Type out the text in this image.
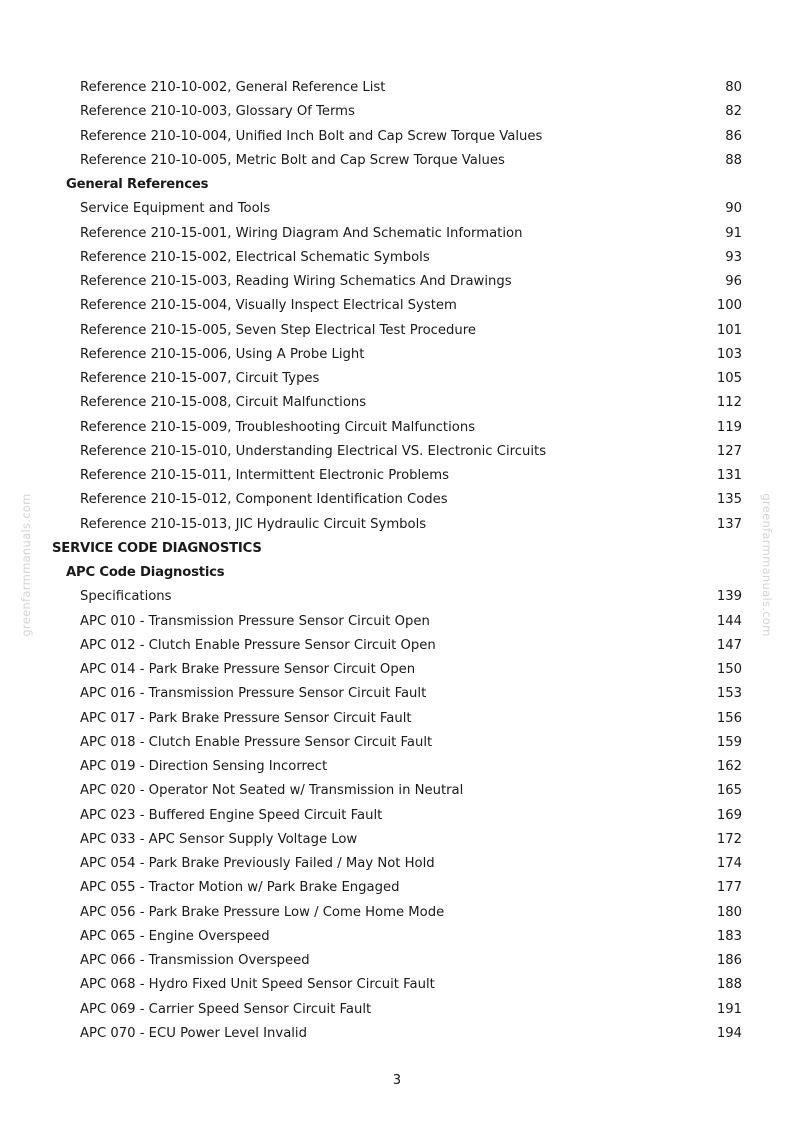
Reference 210-10-002, General Reference List	80
Reference 210-10-003, Glossary Of Terms	82
Reference 210-10-004, Unified Inch Bolt and Cap Screw Torque Values	86
Reference 210-10-005, Metric Bolt and Cap Screw Torque Values	88
General References
Service Equipment and Tools	90
Reference 210-15-001, Wiring Diagram And Schematic Information	91
Reference 210-15-002, Electrical Schematic Symbols	93
Reference 210-15-003, Reading Wiring Schematics And Drawings	96
Reference 210-15-004, Visually Inspect Electrical System	100
Reference 210-15-005, Seven Step Electrical Test Procedure	101
Reference 210-15-006, Using A Probe Light	103
Reference 210-15-007, Circuit Types	105
Reference 210-15-008, Circuit Malfunctions	112
Reference 210-15-009, Troubleshooting Circuit Malfunctions	119
Reference 210-15-010, Understanding Electrical VS. Electronic Circuits	127
Reference 210-15-011, Intermittent Electronic Problems	131
Reference 210-15-012, Component Identification Codes	135
Reference 210-15-013, JIC Hydraulic Circuit Symbols	137
SERVICE CODE DIAGNOSTICS
APC Code Diagnostics
Specifications	139
APC 010 - Transmission Pressure Sensor Circuit Open	144
APC 012 - Clutch Enable Pressure Sensor Circuit Open	147
APC 014 - Park Brake Pressure Sensor Circuit Open	150
APC 016 - Transmission Pressure Sensor Circuit Fault	153
APC 017 - Park Brake Pressure Sensor Circuit Fault	156
APC 018 - Clutch Enable Pressure Sensor Circuit Fault	159
APC 019 - Direction Sensing Incorrect	162
APC 020 - Operator Not Seated w/ Transmission in Neutral	165
APC 023 - Buffered Engine Speed Circuit Fault	169
APC 033 - APC Sensor Supply Voltage Low	172
APC 054 - Park Brake Previously Failed / May Not Hold	174
APC 055 - Tractor Motion w/ Park Brake Engaged	177
APC 056 - Park Brake Pressure Low / Come Home Mode	180
APC 065 - Engine Overspeed	183
APC 066 - Transmission Overspeed	186
APC 068 - Hydro Fixed Unit Speed Sensor Circuit Fault	188
APC 069 - Carrier Speed Sensor Circuit Fault	191
APC 070 - ECU Power Level Invalid	194
greenfarmmanuals.com	greenfarmmanuals.com
3
